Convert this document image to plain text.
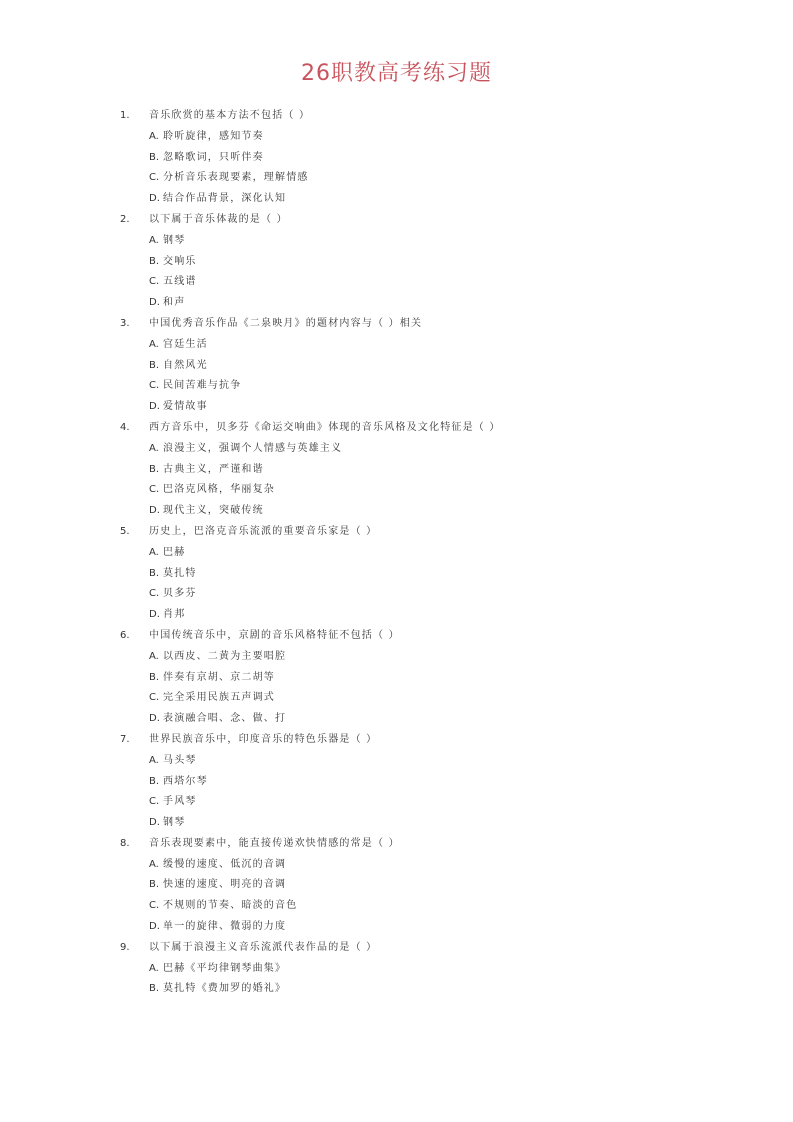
26职教高考练习题
1.	音乐欣赏的基本方法不包括（ ）
A. 聆听旋律，感知节奏
B. 忽略歌词，只听伴奏
C. 分析音乐表现要素，理解情感
D. 结合作品背景，深化认知
2.	以下属于音乐体裁的是（ ）
A. 钢琴
B. 交响乐
C. 五线谱
D. 和声
3.	中国优秀音乐作品《二泉映月》的题材内容与（ ）相关
A. 宫廷生活
B. 自然风光
C. 民间苦难与抗争
D. 爱情故事
4.	西方音乐中，贝多芬《命运交响曲》体现的音乐风格及文化特征是（ ）
A. 浪漫主义，强调个人情感与英雄主义
B. 古典主义，严谨和谐
C. 巴洛克风格，华丽复杂
D. 现代主义，突破传统
5.	历史上，巴洛克音乐流派的重要音乐家是（ ）
A. 巴赫
B. 莫扎特
C. 贝多芬
D. 肖邦
6.	中国传统音乐中，京剧的音乐风格特征不包括（ ）
A. 以西皮、二黄为主要唱腔
B. 伴奏有京胡、京二胡等
C. 完全采用民族五声调式
D. 表演融合唱、念、做、打
7.	世界民族音乐中，印度音乐的特色乐器是（ ）
A. 马头琴
B. 西塔尔琴
C. 手风琴
D. 钢琴
8.	音乐表现要素中，能直接传递欢快情感的常是（ ）
A. 缓慢的速度、低沉的音调
B. 快速的速度、明亮的音调
C. 不规则的节奏、暗淡的音色
D. 单一的旋律、微弱的力度
9.	以下属于浪漫主义音乐流派代表作品的是（ ）
A. 巴赫《平均律钢琴曲集》
B. 莫扎特《费加罗的婚礼》
